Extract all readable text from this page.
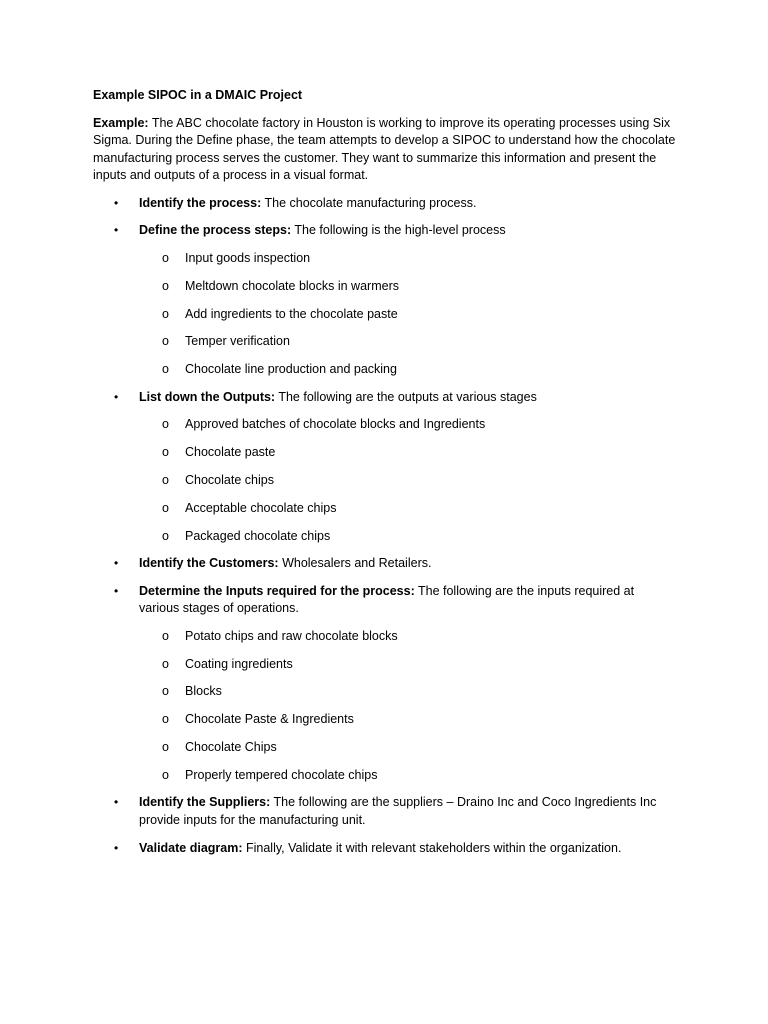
Example SIPOC in a DMAIC Project

Example: The ABC chocolate factory in Houston is working to improve its operating processes using Six Sigma. During the Define phase, the team attempts to develop a SIPOC to understand how the chocolate manufacturing process serves the customer. They want to summarize this information and present the inputs and outputs of a process in a visual format.

• Identify the process: The chocolate manufacturing process.
• Define the process steps: The following is the high-level process
o Input goods inspection
o Meltdown chocolate blocks in warmers
o Add ingredients to the chocolate paste
o Temper verification
o Chocolate line production and packing
• List down the Outputs: The following are the outputs at various stages
o Approved batches of chocolate blocks and Ingredients
o Chocolate paste
o Chocolate chips
o Acceptable chocolate chips
o Packaged chocolate chips
• Identify the Customers: Wholesalers and Retailers.
• Determine the Inputs required for the process: The following are the inputs required at various stages of operations.
o Potato chips and raw chocolate blocks
o Coating ingredients
o Blocks
o Chocolate Paste & Ingredients
o Chocolate Chips
o Properly tempered chocolate chips
• Identify the Suppliers: The following are the suppliers – Draino Inc and Coco Ingredients Inc provide inputs for the manufacturing unit.
• Validate diagram: Finally, Validate it with relevant stakeholders within the organization.
